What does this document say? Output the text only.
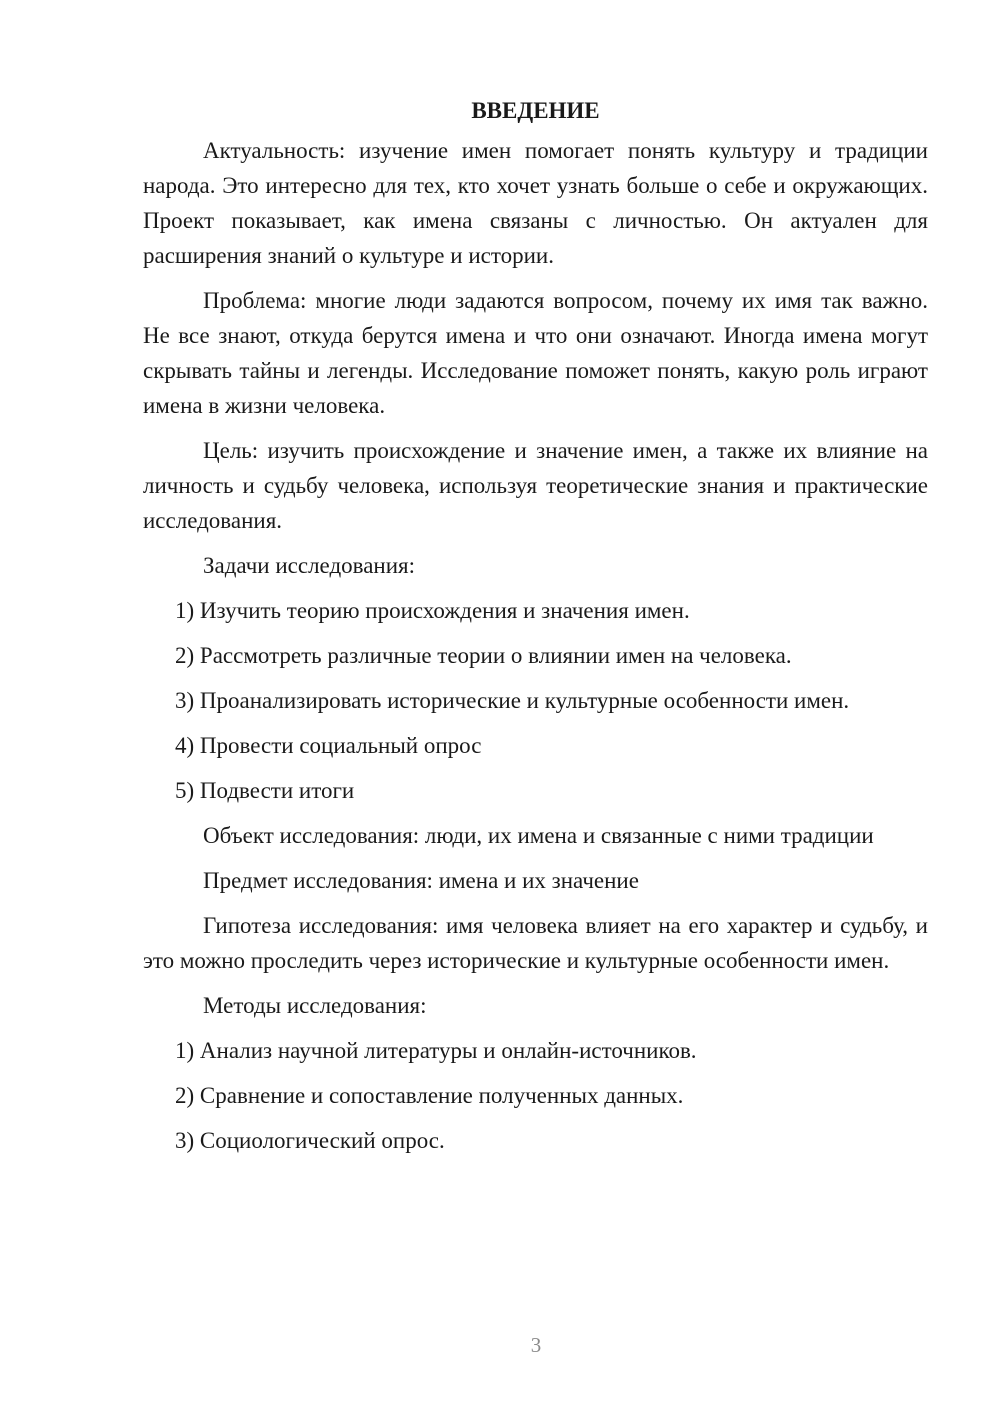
ВВЕДЕНИЕ

Актуальность: изучение имен помогает понять культуру и традиции народа. Это интересно для тех, кто хочет узнать больше о себе и окружающих. Проект показывает, как имена связаны с личностью. Он актуален для расширения знаний о культуре и истории.

Проблема: многие люди задаются вопросом, почему их имя так важно. Не все знают, откуда берутся имена и что они означают. Иногда имена могут скрывать тайны и легенды. Исследование поможет понять, какую роль играют имена в жизни человека.

Цель: изучить происхождение и значение имен, а также их влияние на личность и судьбу человека, используя теоретические знания и практические исследования.

Задачи исследования:

1) Изучить теорию происхождения и значения имен.

2) Рассмотреть различные теории о влиянии имен на человека.

3) Проанализировать исторические и культурные особенности имен.

4) Провести социальный опрос

5) Подвести итоги

Объект исследования: люди, их имена и связанные с ними традиции

Предмет исследования: имена и их значение

Гипотеза исследования: имя человека влияет на его характер и судьбу, и это можно проследить через исторические и культурные особенности имен.

Методы исследования:

1) Анализ научной литературы и онлайн-источников.

2) Сравнение и сопоставление полученных данных.

3) Социологический опрос.

3
